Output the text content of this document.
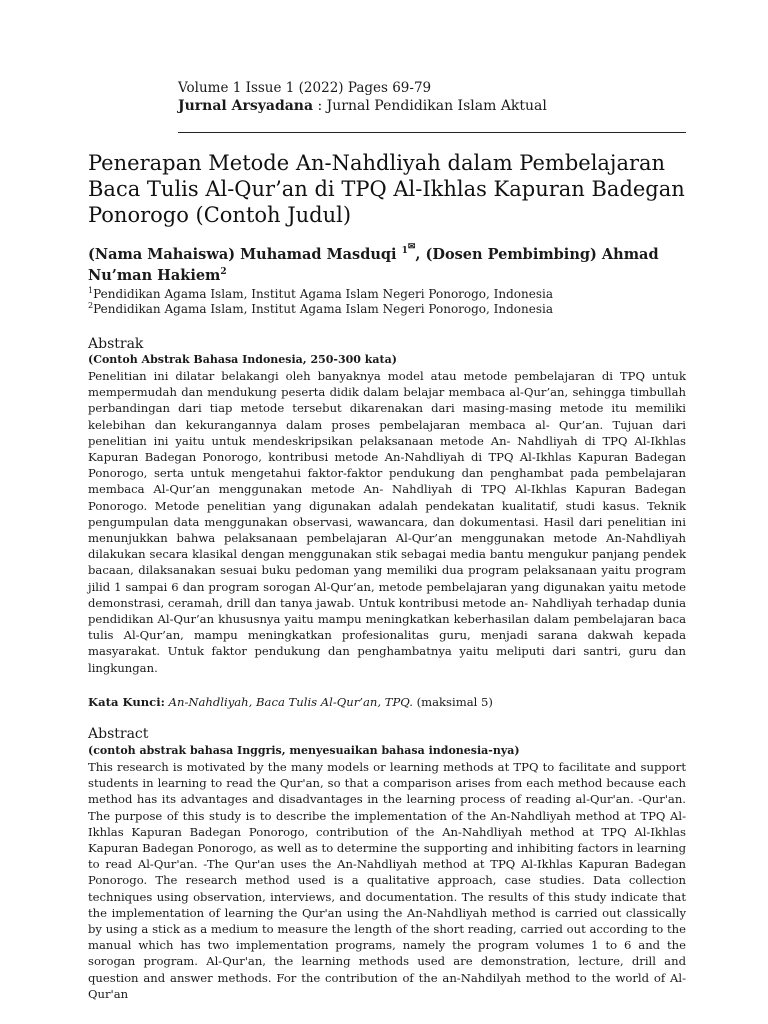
Volume 1 Issue 1 (2022) Pages 69-79
Jurnal Arsyadana : Jurnal Pendidikan Islam Aktual
Penerapan Metode An-Nahdliyah dalam Pembelajaran Baca Tulis Al-Qur’an di TPQ Al-Ikhlas Kapuran Badegan Ponorogo (Contoh Judul)
(Nama Mahaiswa) Muhamad Masduqi $^{1✉}$, (Dosen Pembimbing) Ahmad Nu’man Hakiem$^2$
$^1$Pendidikan Agama Islam, Institut Agama Islam Negeri Ponorogo, Indonesia
$^2$Pendidikan Agama Islam, Institut Agama Islam Negeri Ponorogo, Indonesia
Abstrak
(Contoh Abstrak Bahasa Indonesia, 250-300 kata)
Penelitian ini dilatar belakangi oleh banyaknya model atau metode pembelajaran di TPQ untuk mempermudah dan mendukung peserta didik dalam belajar membaca al-Qur’an, sehingga timbullah perbandingan dari tiap metode tersebut dikarenakan dari masing-masing metode itu memiliki kelebihan dan kekurangannya dalam proses pembelajaran membaca al- Qur’an. Tujuan dari penelitian ini yaitu untuk mendeskripsikan pelaksanaan metode An- Nahdliyah di TPQ Al-Ikhlas Kapuran Badegan Ponorogo, kontribusi metode An-Nahdliyah di TPQ Al-Ikhlas Kapuran Badegan Ponorogo, serta untuk mengetahui faktor-faktor pendukung dan penghambat pada pembelajaran membaca Al-Qur’an menggunakan metode An- Nahdliyah di TPQ Al-Ikhlas Kapuran Badegan Ponorogo. Metode penelitian yang digunakan adalah pendekatan kualitatif, studi kasus. Teknik pengumpulan data menggunakan observasi, wawancara, dan dokumentasi. Hasil dari penelitian ini menunjukkan bahwa pelaksanaan pembelajaran Al-Qur’an menggunakan metode An-Nahdliyah dilakukan secara klasikal dengan menggunakan stik sebagai media bantu mengukur panjang pendek bacaan, dilaksanakan sesuai buku pedoman yang memiliki dua program pelaksanaan yaitu program jilid 1 sampai 6 dan program sorogan Al-Qur’an, metode pembelajaran yang digunakan yaitu metode demonstrasi, ceramah, drill dan tanya jawab. Untuk kontribusi metode an- Nahdliyah terhadap dunia pendidikan Al-Qur’an khususnya yaitu mampu meningkatkan keberhasilan dalam pembelajaran baca tulis Al-Qur’an, mampu meningkatkan profesionalitas guru, menjadi sarana dakwah kepada masyarakat. Untuk faktor pendukung dan penghambatnya yaitu meliputi dari santri, guru dan lingkungan.
Kata Kunci: An-Nahdliyah, Baca Tulis Al-Qur’an, TPQ. (maksimal 5)
Abstract
(contoh abstrak bahasa Inggris, menyesuaikan bahasa indonesia-nya)
This research is motivated by the many models or learning methods at TPQ to facilitate and support students in learning to read the Qur'an, so that a comparison arises from each method because each method has its advantages and disadvantages in the learning process of reading al-Qur'an. -Qur'an. The purpose of this study is to describe the implementation of the An-Nahdliyah method at TPQ Al-Ikhlas Kapuran Badegan Ponorogo, contribution of the An-Nahdliyah method at TPQ Al-Ikhlas Kapuran Badegan Ponorogo, as well as to determine the supporting and inhibiting factors in learning to read Al-Qur'an. -The Qur'an uses the An-Nahdliyah method at TPQ Al-Ikhlas Kapuran Badegan Ponorogo. The research method used is a qualitative approach, case studies. Data collection techniques using observation, interviews, and documentation. The results of this study indicate that the implementation of learning the Qur'an using the An-Nahdliyah method is carried out classically by using a stick as a medium to measure the length of the short reading, carried out according to the manual which has two implementation programs, namely the program volumes 1 to 6 and the sorogan program. Al-Qur'an, the learning methods used are demonstration, lecture, drill and question and answer methods. For the contribution of the an-Nahdilyah method to the world of Al-Qur'an
